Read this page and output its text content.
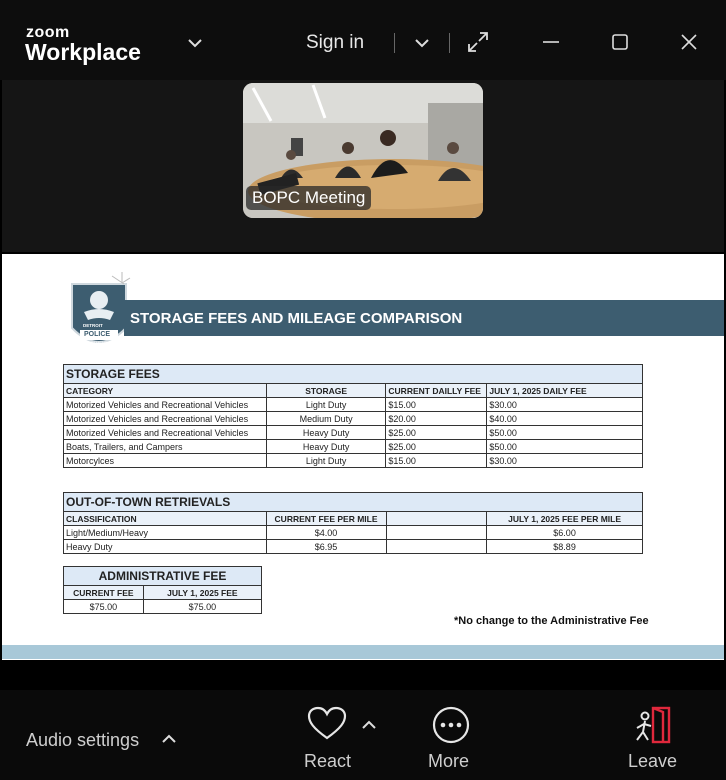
zoom
Workplace	Sign in
BOPC Meeting
DETROIT
POLICE
DEPARTMENT
STORAGE FEES AND MILEAGE COMPARISON
STORAGE FEES			
CATEGORY	STORAGE	CURRENT DAILLY FEE	JULY 1, 2025 DAILY FEE
Motorized Vehicles and Recreational Vehicles	Light Duty	$15.00	$30.00
Motorized Vehicles and Recreational Vehicles	Medium Duty	$20.00	$40.00
Motorized Vehicles and Recreational Vehicles	Heavy Duty	$25.00	$50.00
Boats, Trailers, and Campers	Heavy Duty	$25.00	$50.00
Motorcylces	Light Duty	$15.00	$30.00
OUT-OF-TOWN RETRIEVALS			
CLASSIFICATION	CURRENT FEE PER MILE		JULY 1, 2025 FEE PER MILE
Light/Medium/Heavy	$4.00		$6.00
Heavy Duty	$6.95		$8.89
ADMINISTRATIVE FEE	
CURRENT FEE	JULY 1, 2025 FEE
$75.00	$75.00
*No change to the Administrative Fee
Audio settings
React	More	Leave
